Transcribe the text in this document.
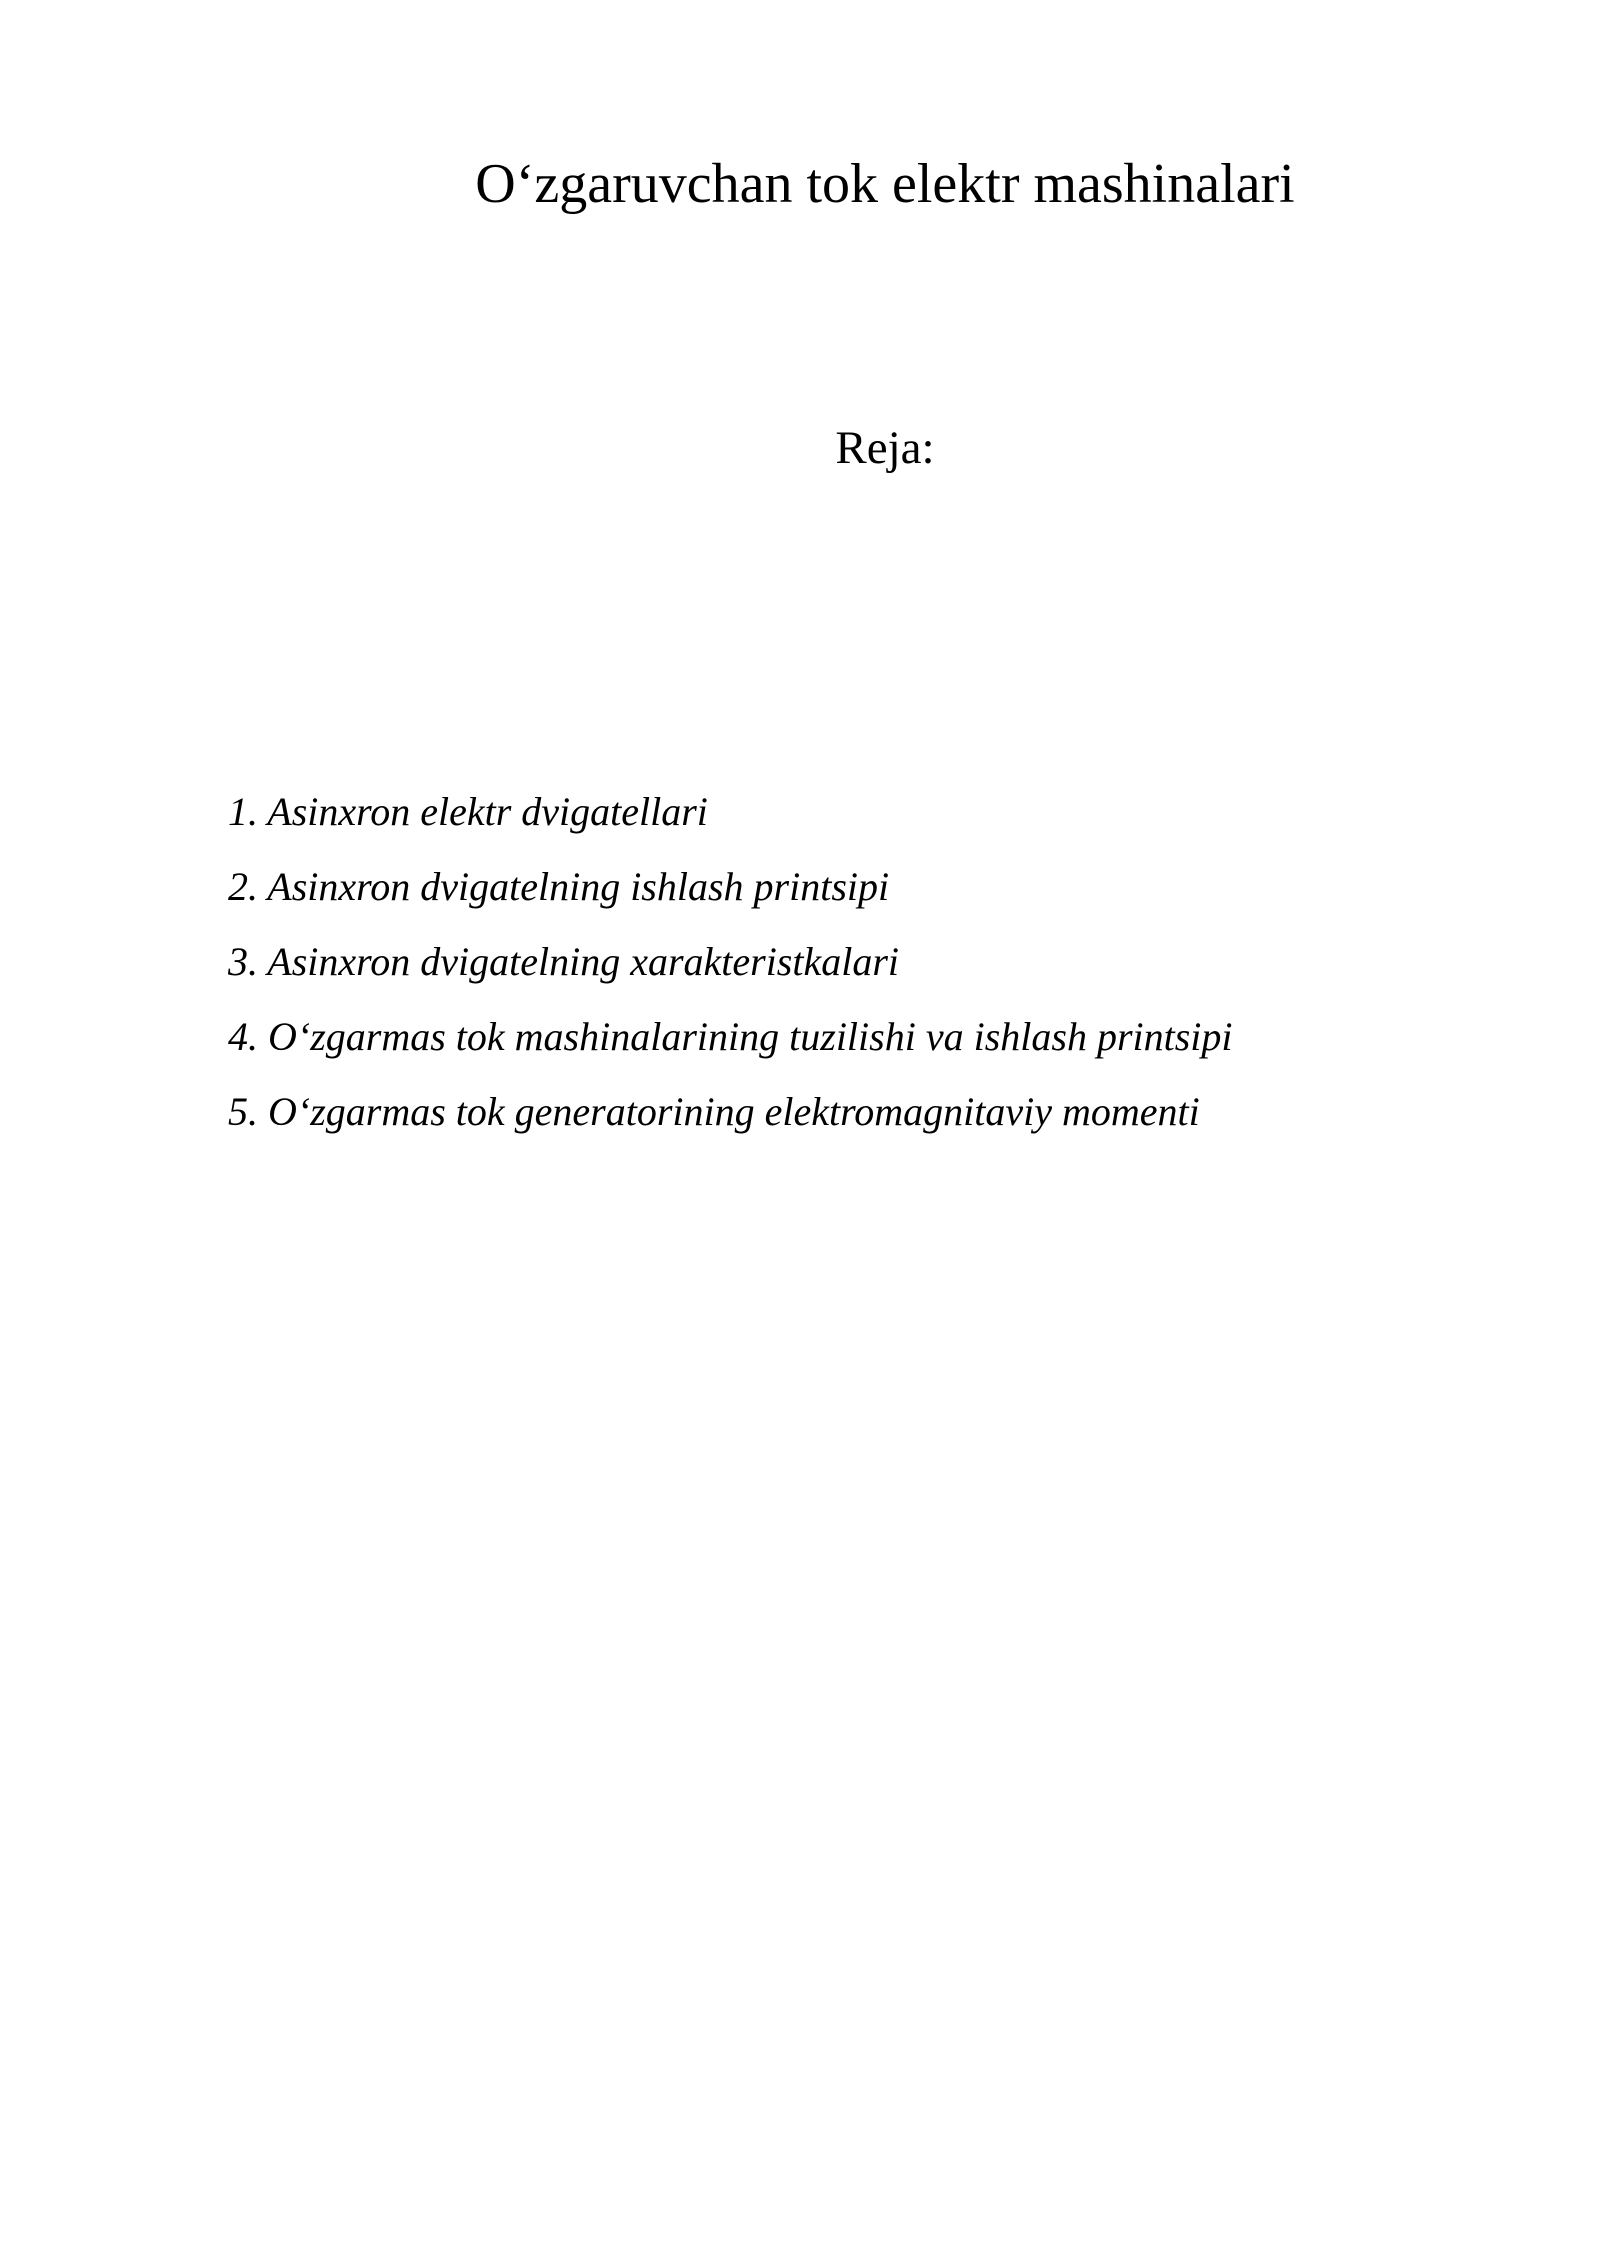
O‘zgaruvchan tok elektr mashinalari
Reja:
1. Asinxron elektr dvigatellari
2. Asinxron dvigatelning ishlash printsipi
3. Asinxron dvigatelning xarakteristkalari
4. O‘zgarmas tok mashinalarining tuzilishi va ishlash printsipi
5. O‘zgarmas tok generatorining elektromagnitaviy momenti
